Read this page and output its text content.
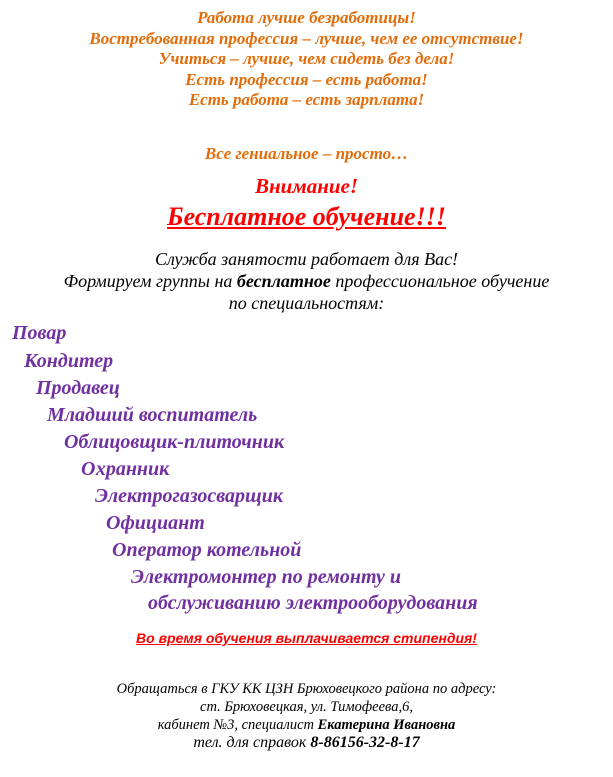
Работа лучше безработицы!
Востребованная профессия – лучше, чем ее отсутствие!
Учиться – лучше, чем сидеть без дела!
Есть профессия – есть работа!
Есть работа – есть зарплата!
Все гениальное – просто…
Внимание!
Бесплатное обучение!!!
Служба занятости работает для Вас!
Формируем группы на бесплатное профессиональное обучение
по специальностям:
Повар
Кондитер
Продавец
Младший воспитатель
Облицовщик-плиточник
Охранник
Электрогазосварщик
Официант
Оператор котельной
Электромонтер по ремонту и
обслуживанию электрооборудования
Во время обучения выплачивается стипендия!
Обращаться в ГКУ КК ЦЗН Брюховецкого района по адресу:
ст. Брюховецкая, ул. Тимофеева,6,
кабинет №3, специалист Екатерина Ивановна
тел. для справок 8-86156-32-8-17
